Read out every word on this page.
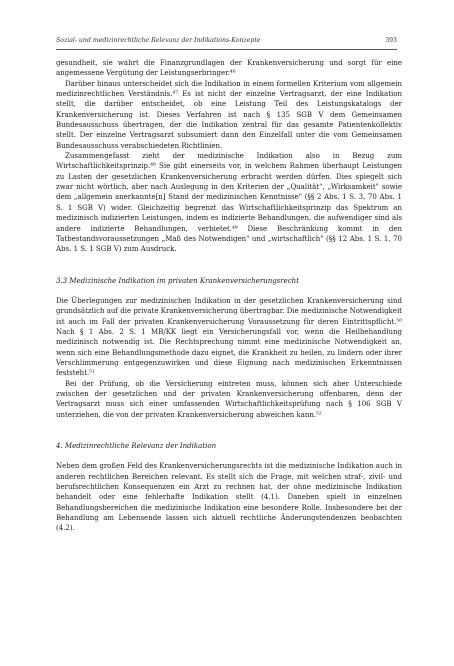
Sozial- und medizinrechtliche Relevanz der Indikations-Konzepte	393

gesundheit, sie wahrt die Finanzgrundlagen der Krankenversicherung und sorgt für eine angemessene Vergütung der Leistungserbringer.⁴⁶

Darüber hinaus unterscheidet sich die Indikation in einem formellen Kriterium vom allgemein medizinrechtlichen Verständnis.⁴⁷ Es ist nicht der einzelne Vertragsarzt, der eine Indikation stellt, die darüber entscheidet, ob eine Leistung Teil des Leistungskatalogs der Krankenversicherung ist. Dieses Verfahren ist nach § 135 SGB V dem Gemeinsamen Bundesausschuss übertragen, der die Indikation zentral für das gesamte Patientenkollektiv stellt. Der einzelne Vertragsarzt subsumiert dann den Einzelfall unter die vom Gemeinsamen Bundesausschuss verabschiedeten Richtlinien.

Zusammengefasst zieht der medizinische Indikation also in Bezug zum Wirtschaftlichkeitsprinzip.⁴⁸ Sie gibt einerseits vor, in welchem Rahmen überhaupt Leistungen zu Lasten der gesetzlichen Krankenversicherung erbracht werden dürfen. Dies spiegelt sich zwar nicht wörtlich, aber nach Auslegung in den Kriterien der „Qualität", „Wirksamkeit" sowie dem „allgemein anerkannte[n] Stand der medizinischen Kenntnisse" (§§ 2 Abs. 1 S. 3, 70 Abs. 1 S. 1 SGB V) wider. Gleichzeitig begrenzt das Wirtschaftlichkeitsprinzip das Spektrum an medizinisch indizierten Leistungen, indem es indizierte Behandlungen, die aufwendiger sind als andere indizierte Behandlungen, verbietet.⁴⁹ Diese Beschränkung kommt in den Tatbestandsvoraussetzungen „Maß des Notwendigen" und „wirtschaftlich" (§§ 12 Abs. 1 S. 1, 70 Abs. 1 S. 1 SGB V) zum Ausdruck.

3.3 Medizinische Indikation im privaten Krankenversicherungsrecht

Die Überlegungen zur medizinischen Indikation in der gesetzlichen Krankenversicherung sind grundsätzlich auf die private Krankenversicherung übertragbar. Die medizinische Notwendigkeit ist auch im Fall der privaten Krankenversicherung Voraussetzung für deren Eintrittspflicht.⁵⁰ Nach § 1 Abs. 2 S. 1 MB/KK liegt ein Versicherungsfall vor, wenn die Heilbehandlung medizinisch notwendig ist. Die Rechtsprechung nimmt eine medizinische Notwendigkeit an, wenn sich eine Behandlungsmethode dazu eignet, die Krankheit zu heilen, zu lindern oder ihrer Verschlimmerung entgegenzuwirken und diese Eignung nach medizinischen Erkenntnissen feststeht.⁵¹

Bei der Prüfung, ob die Versicherung eintreten muss, können sich aber Unterschiede zwischen der gesetzlichen und der privaten Krankenversicherung offenbaren, denn der Vertragsarzt muss sich einer umfassenden Wirtschaftlichkeitsprüfung nach § 106 SGB V unterziehen, die von der privaten Krankenversicherung abweichen kann.⁵²

4. Medizinrechtliche Relevanz der Indikation

Neben dem großen Feld des Krankenversicherungsrechts ist die medizinische Indikation auch in anderen rechtlichen Bereichen relevant. Es stellt sich die Frage, mit welchen straf-, zivil- und berufsrechtlichen Konsequenzen ein Arzt zu rechnen hat, der ohne medizinische Indikation behandelt oder eine fehlerhafte Indikation stellt (4.1). Daneben spielt in einzelnen Behandlungsbereichen die medizinische Indikation eine besondere Rolle. Insbesondere bei der Behandlung am Lebensende lassen sich aktuell rechtliche Änderungstendenzen beobachten (4.2).
